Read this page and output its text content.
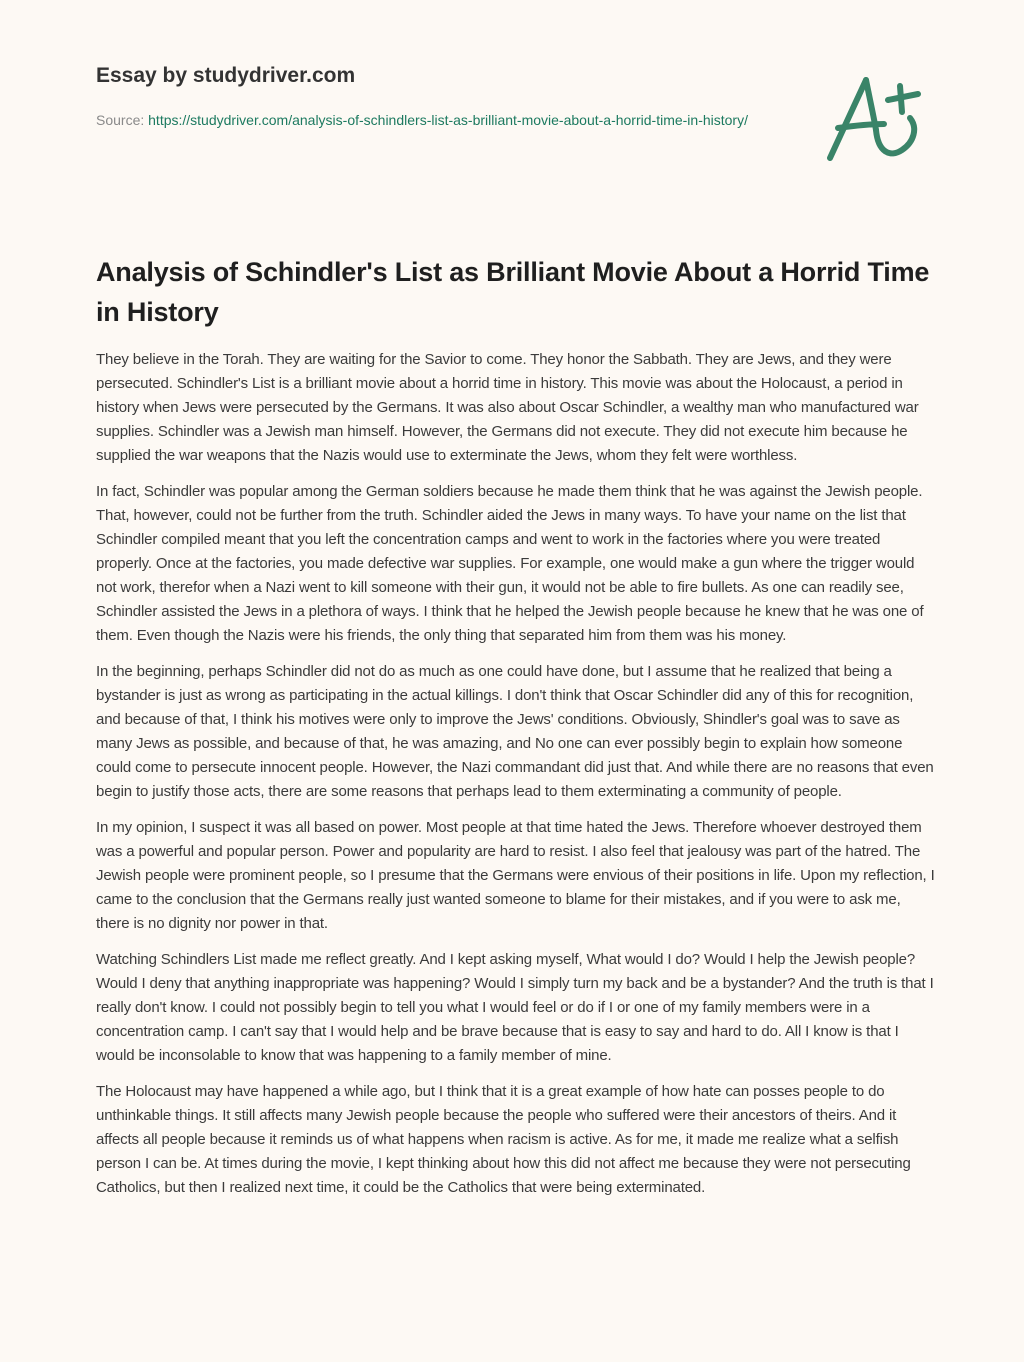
Essay by studydriver.com
Source: https://studydriver.com/analysis-of-schindlers-list-as-brilliant-movie-about-a-horrid-time-in-history/
Analysis of Schindler's List as Brilliant Movie About a Horrid Time in History

They believe in the Torah. They are waiting for the Savior to come. They honor the Sabbath. They are Jews, and they were persecuted. Schindler's List is a brilliant movie about a horrid time in history. This movie was about the Holocaust, a period in history when Jews were persecuted by the Germans. It was also about Oscar Schindler, a wealthy man who manufactured war supplies. Schindler was a Jewish man himself. However, the Germans did not execute. They did not execute him because he supplied the war weapons that the Nazis would use to exterminate the Jews, whom they felt were worthless.

In fact, Schindler was popular among the German soldiers because he made them think that he was against the Jewish people. That, however, could not be further from the truth. Schindler aided the Jews in many ways. To have your name on the list that Schindler compiled meant that you left the concentration camps and went to work in the factories where you were treated properly. Once at the factories, you made defective war supplies. For example, one would make a gun where the trigger would not work, therefor when a Nazi went to kill someone with their gun, it would not be able to fire bullets. As one can readily see, Schindler assisted the Jews in a plethora of ways. I think that he helped the Jewish people because he knew that he was one of them. Even though the Nazis were his friends, the only thing that separated him from them was his money.

In the beginning, perhaps Schindler did not do as much as one could have done, but I assume that he realized that being a bystander is just as wrong as participating in the actual killings. I don't think that Oscar Schindler did any of this for recognition, and because of that, I think his motives were only to improve the Jews' conditions. Obviously, Shindler's goal was to save as many Jews as possible, and because of that, he was amazing, and No one can ever possibly begin to explain how someone could come to persecute innocent people. However, the Nazi commandant did just that. And while there are no reasons that even begin to justify those acts, there are some reasons that perhaps lead to them exterminating a community of people.

In my opinion, I suspect it was all based on power. Most people at that time hated the Jews. Therefore whoever destroyed them was a powerful and popular person. Power and popularity are hard to resist. I also feel that jealousy was part of the hatred. The Jewish people were prominent people, so I presume that the Germans were envious of their positions in life. Upon my reflection, I came to the conclusion that the Germans really just wanted someone to blame for their mistakes, and if you were to ask me, there is no dignity nor power in that.

Watching Schindlers List made me reflect greatly. And I kept asking myself, What would I do? Would I help the Jewish people? Would I deny that anything inappropriate was happening? Would I simply turn my back and be a bystander? And the truth is that I really don't know. I could not possibly begin to tell you what I would feel or do if I or one of my family members were in a concentration camp. I can't say that I would help and be brave because that is easy to say and hard to do. All I know is that I would be inconsolable to know that was happening to a family member of mine.

The Holocaust may have happened a while ago, but I think that it is a great example of how hate can posses people to do unthinkable things. It still affects many Jewish people because the people who suffered were their ancestors of theirs. And it affects all people because it reminds us of what happens when racism is active. As for me, it made me realize what a selfish person I can be. At times during the movie, I kept thinking about how this did not affect me because they were not persecuting Catholics, but then I realized next time, it could be the Catholics that were being exterminated.
